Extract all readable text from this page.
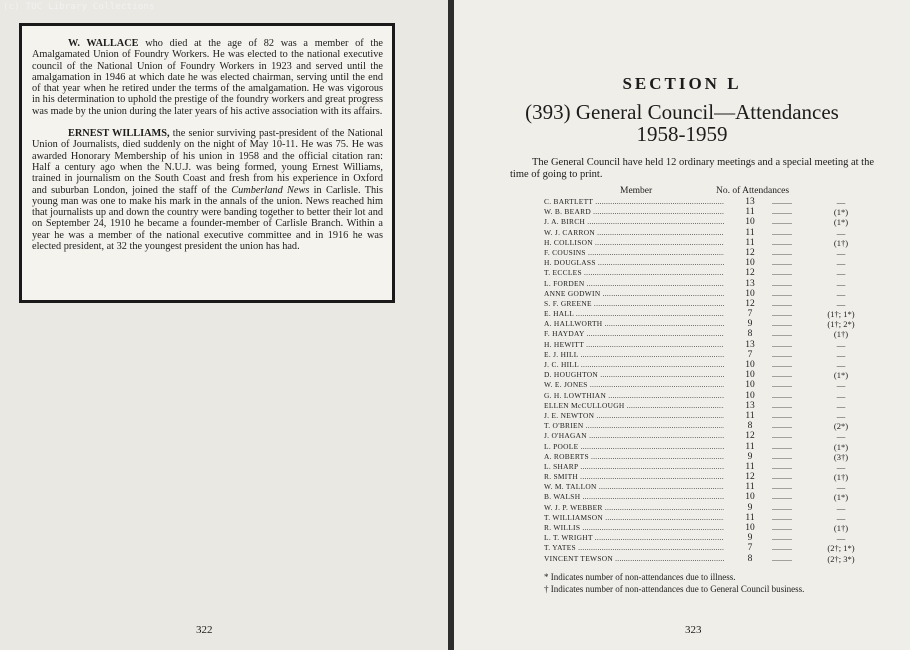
(c) TUC Library Collections

W. WALLACE who died at the age of 82 was a member of the Amalgamated Union of Foundry Workers. He was elected to the national executive council of the National Union of Foundry Workers in 1923 and served until the amalgamation in 1946 at which date he was elected chairman, serving until the end of that year when he retired under the terms of the amalgamation. He was vigorous in his determination to uphold the prestige of the foundry workers and great progress was made by the union during the later years of his active association with its affairs.

ERNEST WILLIAMS, the senior surviving past-president of the National Union of Journalists, died suddenly on the night of May 10-11. He was 75. He was awarded Honorary Membership of his union in 1958 and the official citation ran: Half a century ago when the N.U.J. was being formed, young Ernest Williams, trained in journalism on the South Coast and fresh from his experience in Oxford and suburban London, joined the staff of the Cumberland News in Carlisle. This young man was one to make his mark in the annals of the union. News reached him that journalists up and down the country were banding together to better their lot and on September 24, 1910 he became a founder-member of Carlisle Branch. Within a year he was a member of the national executive committee and in 1916 he was elected president, at 32 the youngest president the union has had.

322
SECTION L
(393) General Council—Attendances
1958-1959
The General Council have held 12 ordinary meetings and a special meeting at the time of going to print.
Member	No. of Attendances
C. BARTLETT .....	13	..........	—
W. B. BEARD .....	11	..........	(1*)
J. A. BIRCH .....	10	..........	(1*)
W. J. CARRON .....	11	..........	—
H. COLLISON .....	11	..........	(1†)
F. COUSINS .....	12	..........	—
H. DOUGLASS .....	10	..........	—
T. ECCLES .....	12	..........	—
L. FORDEN .....	13	..........	—
ANNE GODWIN .....	10	..........	—
S. F. GREENE .....	12	..........	—
E. HALL .....	7	..........	(1†; 1*)
A. HALLWORTH .....	9	..........	(1†; 2*)
F. HAYDAY .....	8	..........	(1†)
H. HEWITT .....	13	..........	—
E. J. HILL .....	7	..........	—
J. C. HILL .....	10	..........	—
D. HOUGHTON .....	10	..........	(1*)
W. E. JONES .....	10	..........	—
G. H. LOWTHIAN .....	10	..........	—
ELLEN McCULLOUGH .....	13	..........	—
J. E. NEWTON .....	11	..........	—
T. O'BRIEN .....	8	..........	(2*)
J. O'HAGAN .....	12	..........	—
L. POOLE .....	11	..........	(1*)
A. ROBERTS .....	9	..........	(3†)
L. SHARP .....	11	..........	—
R. SMITH .....	12	..........	(1†)
W. M. TALLON .....	11	..........	—
B. WALSH .....	10	..........	(1*)
W. J. P. WEBBER .....	9	..........	—
T. WILLIAMSON .....	11	..........	—
R. WILLIS .....	10	..........	(1†)
L. T. WRIGHT .....	9	..........	—
T. YATES .....	7	..........	(2†; 1*)
VINCENT TEWSON .....	8	..........	(2†; 3*)
* Indicates number of non-attendances due to illness.
† Indicates number of non-attendances due to General Council business.
323
